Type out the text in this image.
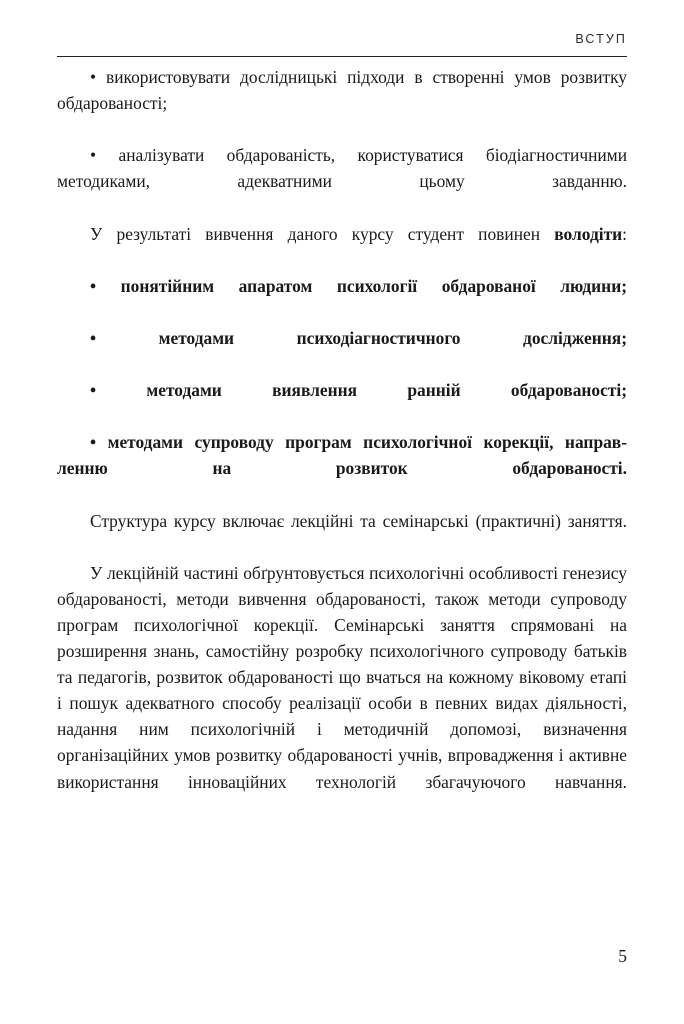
ВСТУП

• використовувати дослідницькі підходи в створенні умов розвитку обдарованості;

• аналізувати обдарованість, користуватися біодіагностичними методиками, адекватними цьому завданню.

У результаті вивчення даного курсу студент повинен володіти:

• понятійним апаратом психології обдарованої людини;

• методами психодіагностичного дослідження;

• методами виявлення ранній обдарованості;

• методами супроводу програм психологічної корекції, направленню на розвиток обдарованості.

Структура курсу включає лекційні та семінарські (практичні) заняття.

У лекційній частині обґрунтовується психологічні особливості генезису обдарованості, методи вивчення обдарованості, також методи супроводу програм психологічної корекції. Семінарські заняття спрямовані на розширення знань, самостійну розробку психологічного супроводу батьків та педагогів, розвиток обдарованості що вчаться на кожному віковому етапі і пошук адекватного способу реалізації особи в певних видах діяльності, надання ним психологічній і методичній допомозі, визначення організаційних умов розвитку обдарованості учнів, впровадження і активне використання інноваційних технологій збагачуючого навчання.

5
